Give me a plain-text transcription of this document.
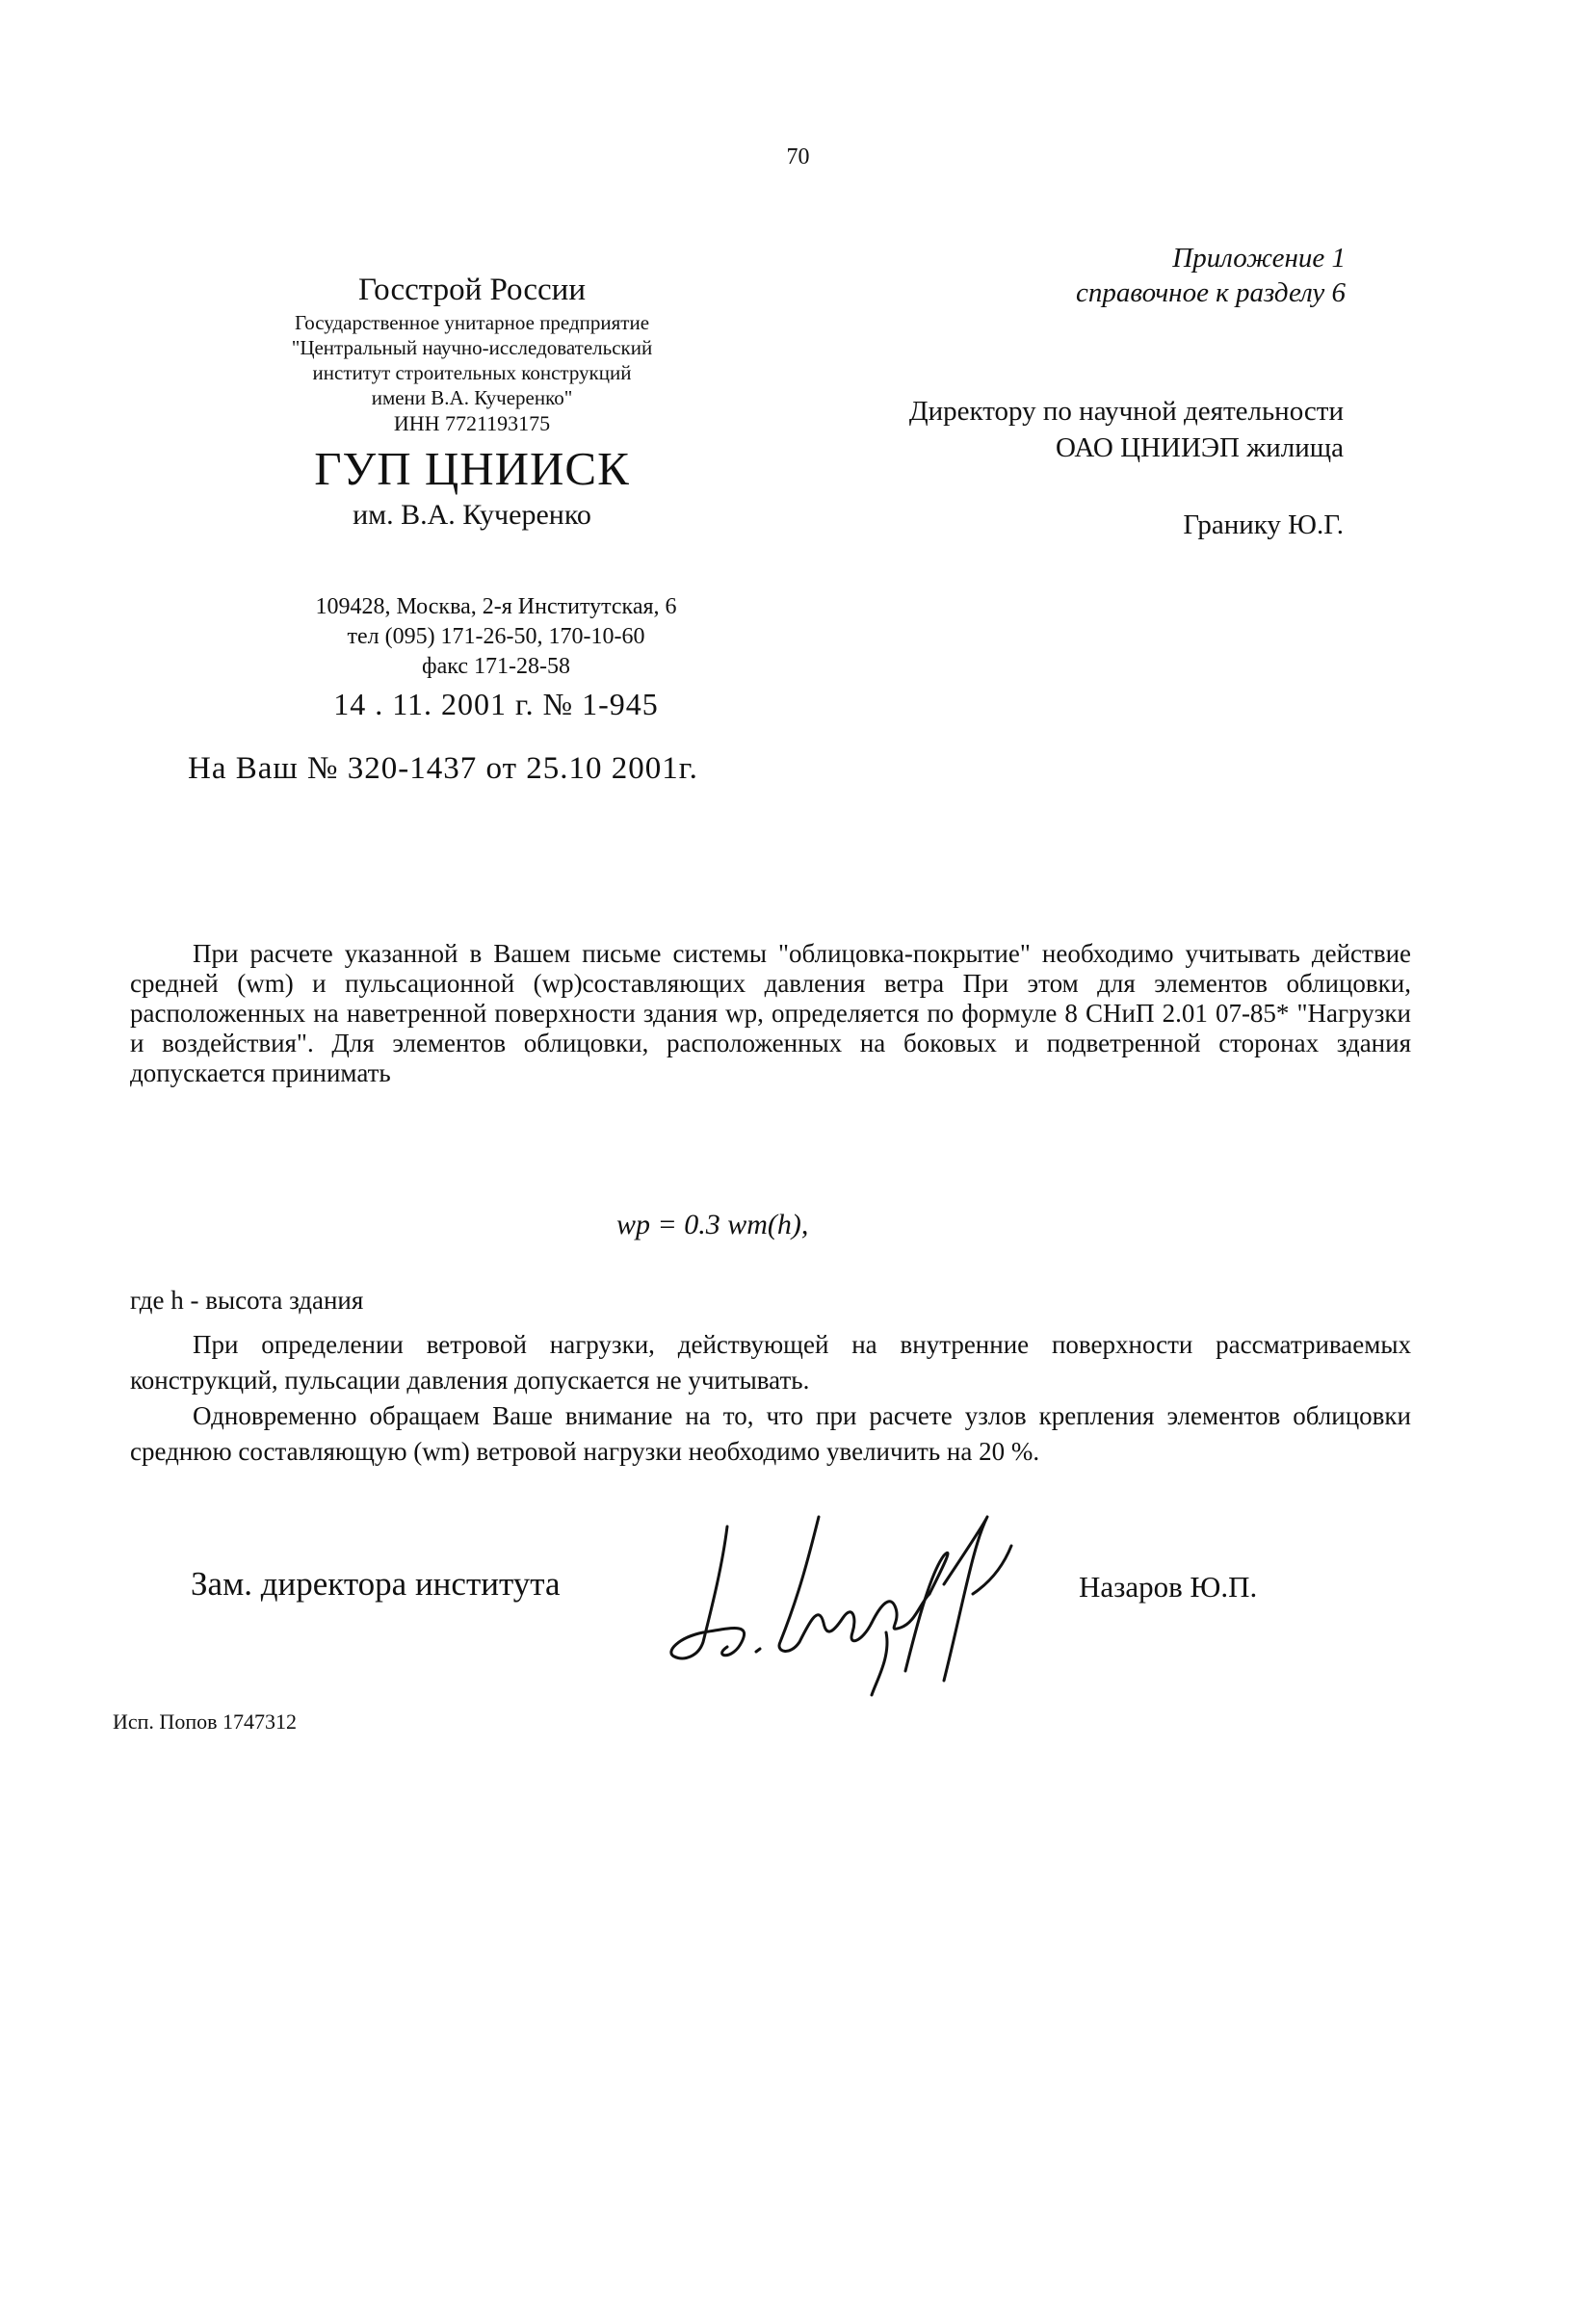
70
Госстрой России
Государственное унитарное предприятие
"Центральный научно-исследовательский
институт строительных конструкций
имени В.А. Кучеренко"
ИНН 7721193175
ГУП ЦНИИСК
им. В.А. Кучеренко
109428, Москва, 2-я Институтская, 6
тел (095) 171-26-50, 170-10-60
факс 171-28-58
14 . 11. 2001 г. № 1-945
На Ваш № 320-1437 от 25.10 2001г.
Приложение 1
справочное к разделу 6
Директору по научной деятельности
ОАО ЦНИИЭП жилища
Гранику Ю.Г.

При расчете указанной в Вашем письме системы "облицовка-покрытие" необходимо учитывать действие средней (wm) и пульсационной (wp)составляющих давления ветра При этом для элементов облицовки, расположенных на наветренной поверхности здания wp, определяется по формуле 8 СНиП 2.01 07-85* "Нагрузки и воздействия". Для элементов облицовки, расположенных на боковых и подветренной сторонах здания допускается принимать

wp = 0.3 wm(h),
где h - высота здания

При определении ветровой нагрузки, действующей на внутренние поверхности рассматриваемых конструкций, пульсации давления допускается не учитывать.

Одновременно обращаем Ваше внимание на то, что при расчете узлов крепления элементов облицовки среднюю составляющую (wm) ветровой нагрузки необходимо увеличить на 20 %.

Зам. директора института	Назаров Ю.П.
Исп. Попов 1747312
